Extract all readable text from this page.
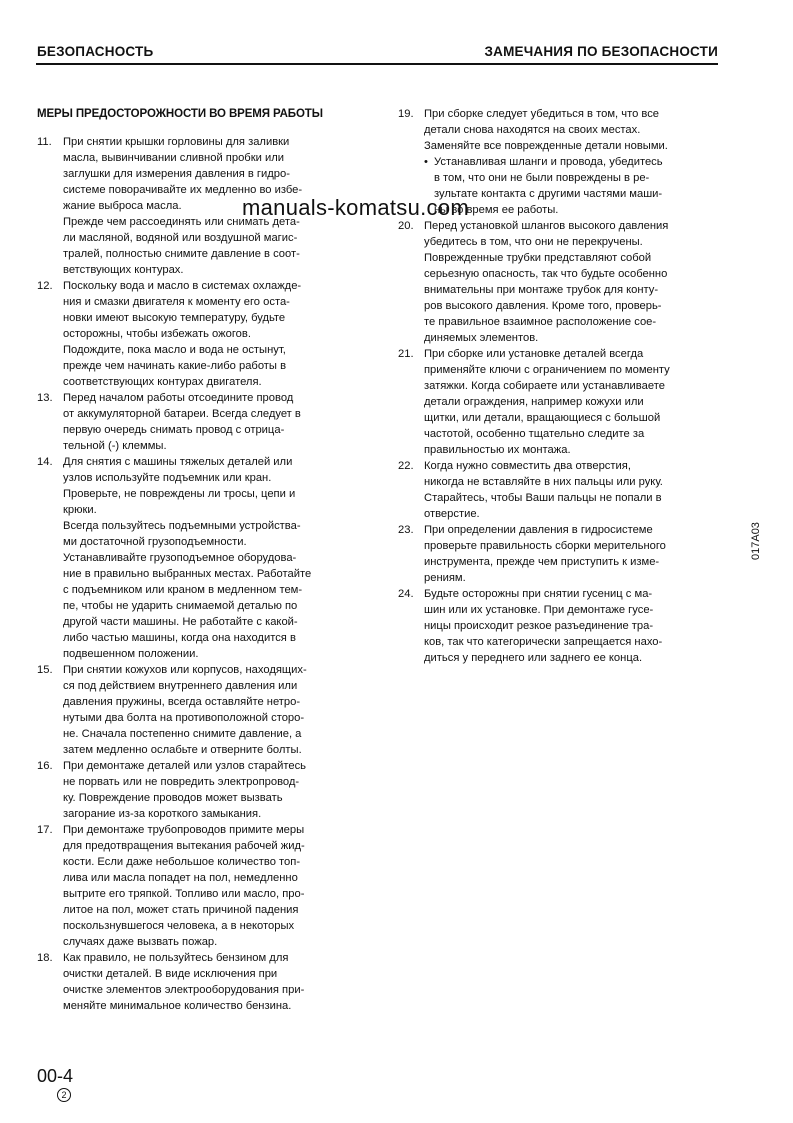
БЕЗОПАСНОСТЬ	ЗАМЕЧАНИЯ ПО БЕЗОПАСНОСТИ
МЕРЫ ПРЕДОСТОРОЖНОСТИ ВО ВРЕМЯ РАБОТЫ
11.	При снятии крышки горловины для заливки
масла, вывинчивании сливной пробки или
заглушки для измерения давления в гидро-
системе поворачивайте их медленно во избе-
жание выброса масла.

Прежде чем рассоединять или снимать дета-
ли масляной, водяной или воздушной магис-
тралей, полностью снимите давление в соот-
ветствующих контурах.

12. Поскольку вода и масло в системах охлажде-
ния и смазки двигателя к моменту его оста-
новки имеют высокую температуру, будьте
осторожны, чтобы избежать ожогов.

Подождите, пока масло и вода не остынут,
прежде чем начинать какие-либо работы в
соответствующих контурах двигателя.

13. Перед началом работы отсоедините провод
от аккумуляторной батареи. Всегда следует в
первую очередь снимать провод с отрица-
тельной (-) клеммы.

14. Для снятия с машины тяжелых деталей или
узлов используйте подъемник или кран.
Проверьте, не повреждены ли тросы, цепи и
крюки.

Всегда пользуйтесь подъемными устройства-
ми достаточной грузоподъемности.

Устанавливайте грузоподъемное оборудова-
ние в правильно выбранных местах. Работайте
с подъемником или краном в медленном тем-
пе, чтобы не ударить снимаемой деталью по
другой части машины. Не работайте с какой-
либо частью машины, когда она находится в
подвешенном положении.

15. При снятии кожухов или корпусов, находящих-
ся под действием внутреннего давления или
давления пружины, всегда оставляйте нетро-
нутыми два болта на противоположной сторо-
не. Сначала постепенно снимите давление, а
затем медленно ослабьте и отверните болты.

16. При демонтаже деталей или узлов старайтесь
не порвать или не повредить электропровод-
ку. Повреждение проводов может вызвать
загорание из-за короткого замыкания.

17. При демонтаже трубопроводов примите меры
для предотвращения вытекания рабочей жид-
кости. Если даже небольшое количество топ-
лива или масла попадет на пол, немедленно
вытрите его тряпкой. Топливо или масло, про-
литое на пол, может стать причиной падения
поскользнувшегося человека, а в некоторых
случаях даже вызвать пожар.

18. Как правило, не пользуйтесь бензином для
очистки деталей. В виде исключения при
очистке элементов электрооборудования при-
меняйте минимальное количество бензина.

19. При сборке следует убедиться в том, что все
детали снова находятся на своих местах.
Заменяйте все поврежденные детали новыми.

• Устанавливая шланги и провода, убедитесь
в том, что они не были повреждены в ре-
зультате контакта с другими частями маши-
ны во время ее работы.

20. Перед установкой шлангов высокого давления
убедитесь в том, что они не перекручены.
Поврежденные трубки представляют собой
серьезную опасность, так что будьте особенно
внимательны при монтаже трубок для конту-
ров высокого давления. Кроме того, проверь-
те правильное взаимное расположение сое-
диняемых элементов.

21. При сборке или установке деталей всегда
применяйте ключи с ограничением по моменту
затяжки. Когда собираете или устанавливаете
детали ограждения, например кожухи или
щитки, или детали, вращающиеся с большой
частотой, особенно тщательно следите за
правильностью их монтажа.

22. Когда нужно совместить два отверстия,
никогда не вставляйте в них пальцы или руку.
Старайтесь, чтобы Ваши пальцы не попали в
отверстие.

23. При определении давления в гидросистеме
проверьте правильность сборки мерительного
инструмента, прежде чем приступить к изме-
рениям.

24. Будьте осторожны при снятии гусениц с ма-
шин или их установке. При демонтаже гусе-
ницы происходит резкое разъединение тра-
ков, так что категорически запрещается нахо-
диться у переднего или заднего ее конца.

manuals-komatsu.com
017A03
00-4
2
